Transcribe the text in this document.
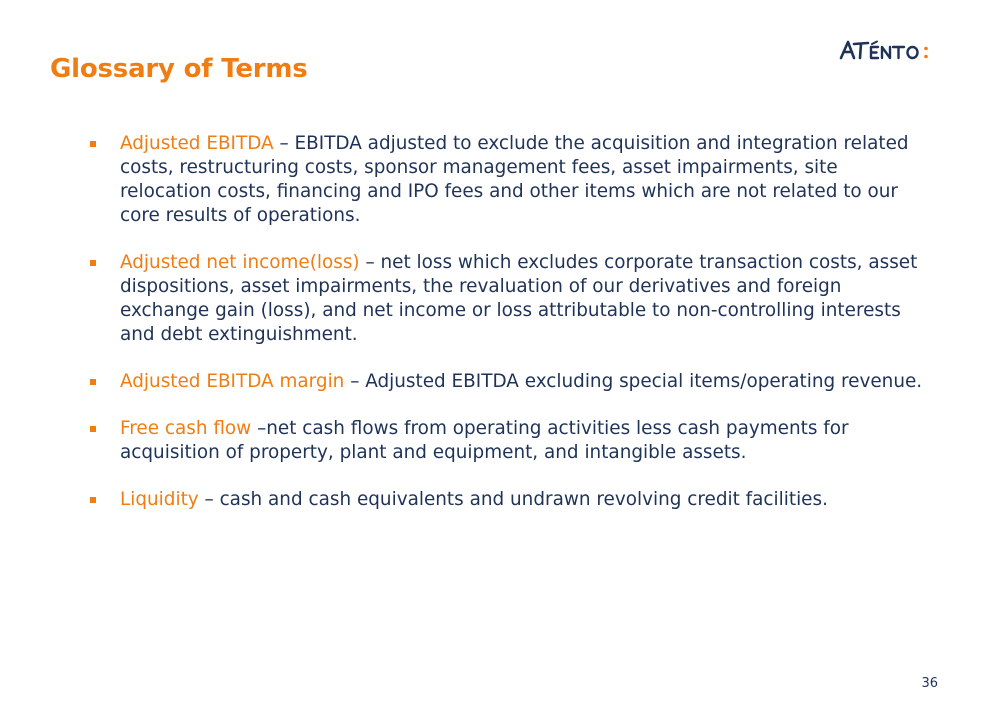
Glossary of Terms
Adjusted EBITDA – EBITDA adjusted to exclude the acquisition and integration related costs, restructuring costs, sponsor management fees, asset impairments, site relocation costs, financing and IPO fees and other items which are not related to our core results of operations.
Adjusted net income(loss) – net loss which excludes corporate transaction costs, asset dispositions, asset impairments, the revaluation of our derivatives and foreign exchange gain (loss), and net income or loss attributable to non-controlling interests and debt extinguishment.
Adjusted EBITDA margin – Adjusted EBITDA excluding special items/operating revenue.
Free cash flow –net cash flows from operating activities less cash payments for acquisition of property, plant and equipment, and intangible assets.
Liquidity – cash and cash equivalents and undrawn revolving credit facilities.
36
